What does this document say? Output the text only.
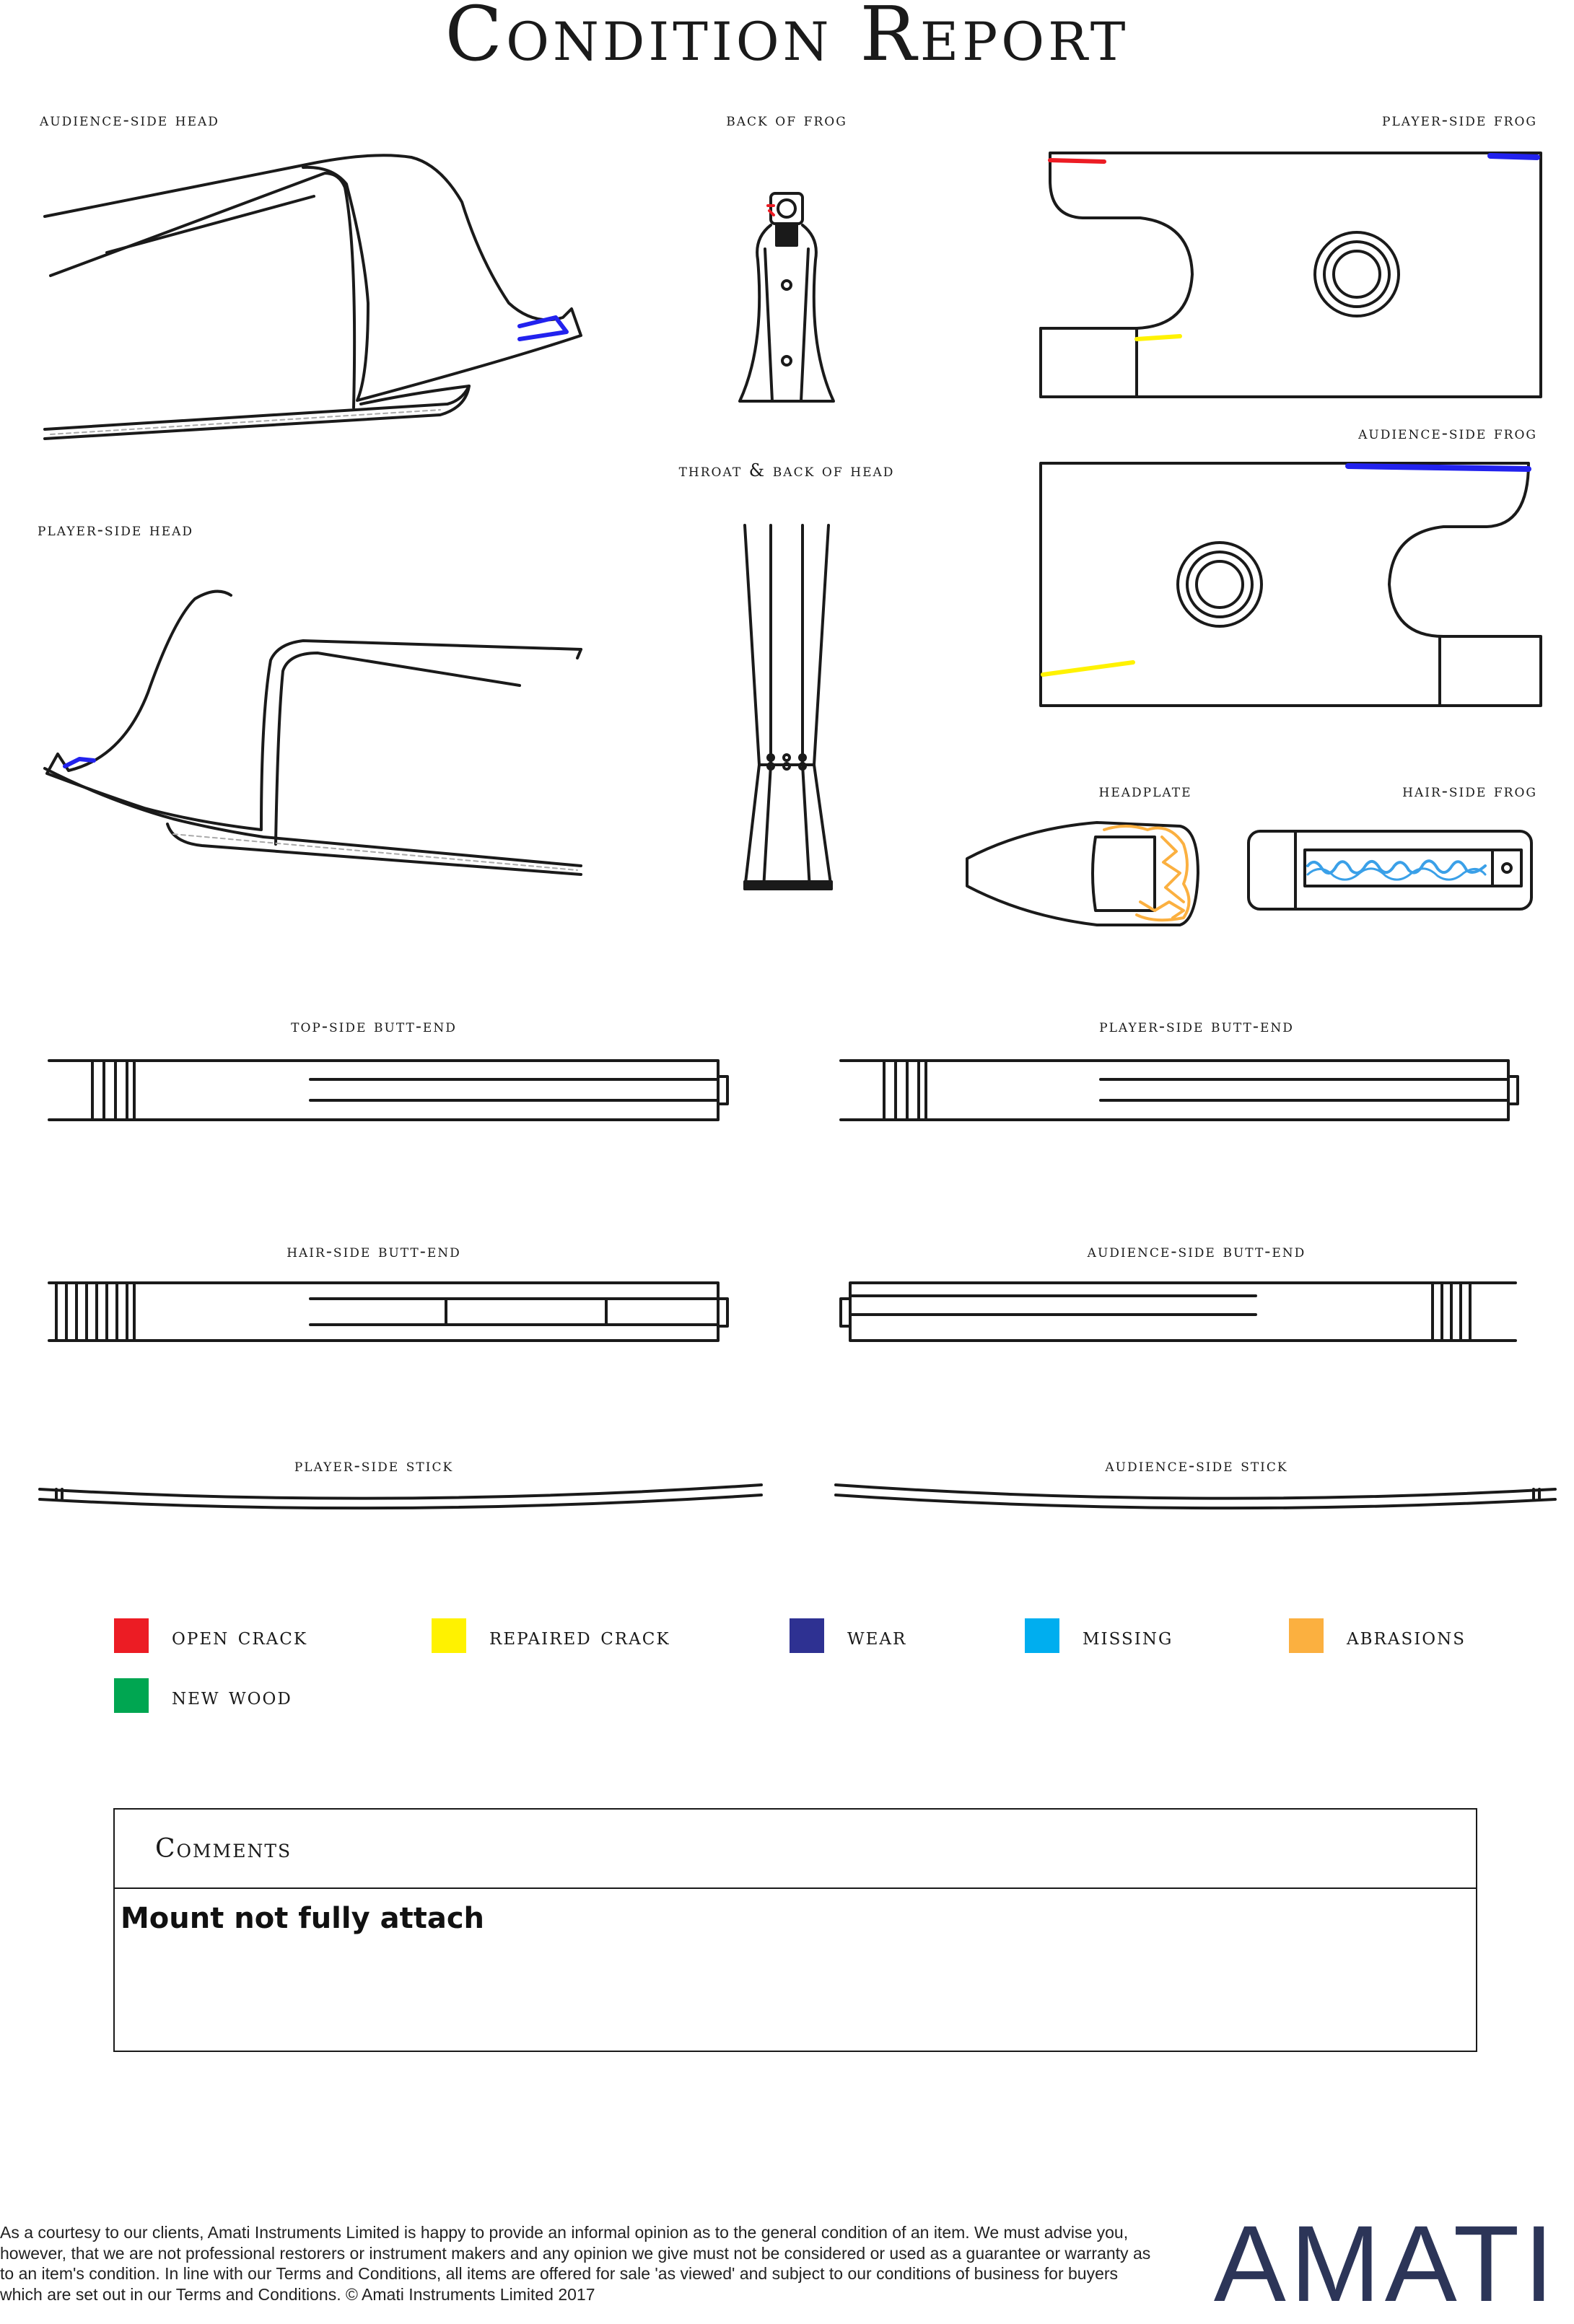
Condition Report
audience-side head	back of frog	player-side frog
audience-side frog
throat & back of head
player-side head
headplate	hair-side frog
top-side butt-end	player-side butt-end
hair-side butt-end	audience-side butt-end
player-side stick	audience-side stick
open crack	repaired crack	wear	missing	abrasions
new wood
Comments
Mount not fully attach
As a courtesy to our clients, Amati Instruments Limited is happy to provide an informal opinion as to the general condition of an item. We must advise you, however, that we are not professional restorers or instrument makers and any opinion we give must not be considered or used as a guarantee or warranty as to an item's condition. In line with our Terms and Conditions, all items are offered for sale 'as viewed' and subject to our conditions of business for buyers which are set out in our Terms and Conditions. © Amati Instruments Limited 2017	AMATI
